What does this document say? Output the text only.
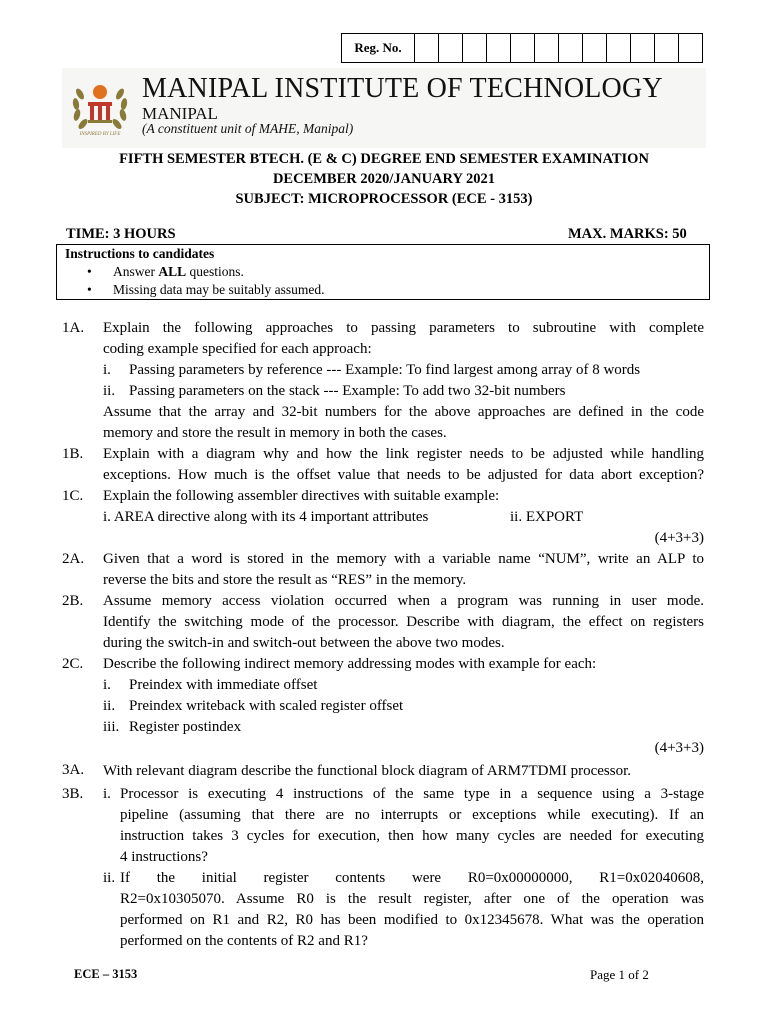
Reg. No.												
INSPIRED BY LIFE
MANIPAL INSTITUTE OF TECHNOLOGY
MANIPAL
(A constituent unit of MAHE, Manipal)
FIFTH SEMESTER BTECH. (E & C) DEGREE END SEMESTER EXAMINATION
DECEMBER 2020/JANUARY 2021
SUBJECT: MICROPROCESSOR (ECE - 3153)
TIME: 3 HOURS	MAX. MARKS: 50
Instructions to candidates
• Answer ALL questions.
• Missing data may be suitably assumed.
1A. Explain the following approaches to passing parameters to subroutine with complete
coding example specified for each approach:
i. Passing parameters by reference --- Example: To find largest among array of 8 words
ii. Passing parameters on the stack --- Example: To add two 32-bit numbers
Assume that the array and 32-bit numbers for the above approaches are defined in the code
memory and store the result in memory in both the cases.
1B. Explain with a diagram why and how the link register needs to be adjusted while handling
exceptions. How much is the offset value that needs to be adjusted for data abort exception?
1C. Explain the following assembler directives with suitable example:
i. AREA directive along with its 4 important attributes	ii. EXPORT
(4+3+3)
2A. Given that a word is stored in the memory with a variable name “NUM”, write an ALP to
reverse the bits and store the result as “RES” in the memory.
2B. Assume memory access violation occurred when a program was running in user mode.
Identify the switching mode of the processor. Describe with diagram, the effect on registers
during the switch-in and switch-out between the above two modes.
2C. Describe the following indirect memory addressing modes with example for each:
i. Preindex with immediate offset
ii. Preindex writeback with scaled register offset
iii. Register postindex
(4+3+3)
3A. With relevant diagram describe the functional block diagram of ARM7TDMI processor.
3B. i. Processor is executing 4 instructions of the same type in a sequence using a 3-stage
pipeline (assuming that there are no interrupts or exceptions while executing). If an
instruction takes 3 cycles for execution, then how many cycles are needed for executing
4 instructions?
ii. If the initial register contents were R0=0x00000000, R1=0x02040608,
R2=0x10305070. Assume R0 is the result register, after one of the operation was
performed on R1 and R2, R0 has been modified to 0x12345678. What was the operation
performed on the contents of R2 and R1?
ECE – 3153	Page 1 of 2
